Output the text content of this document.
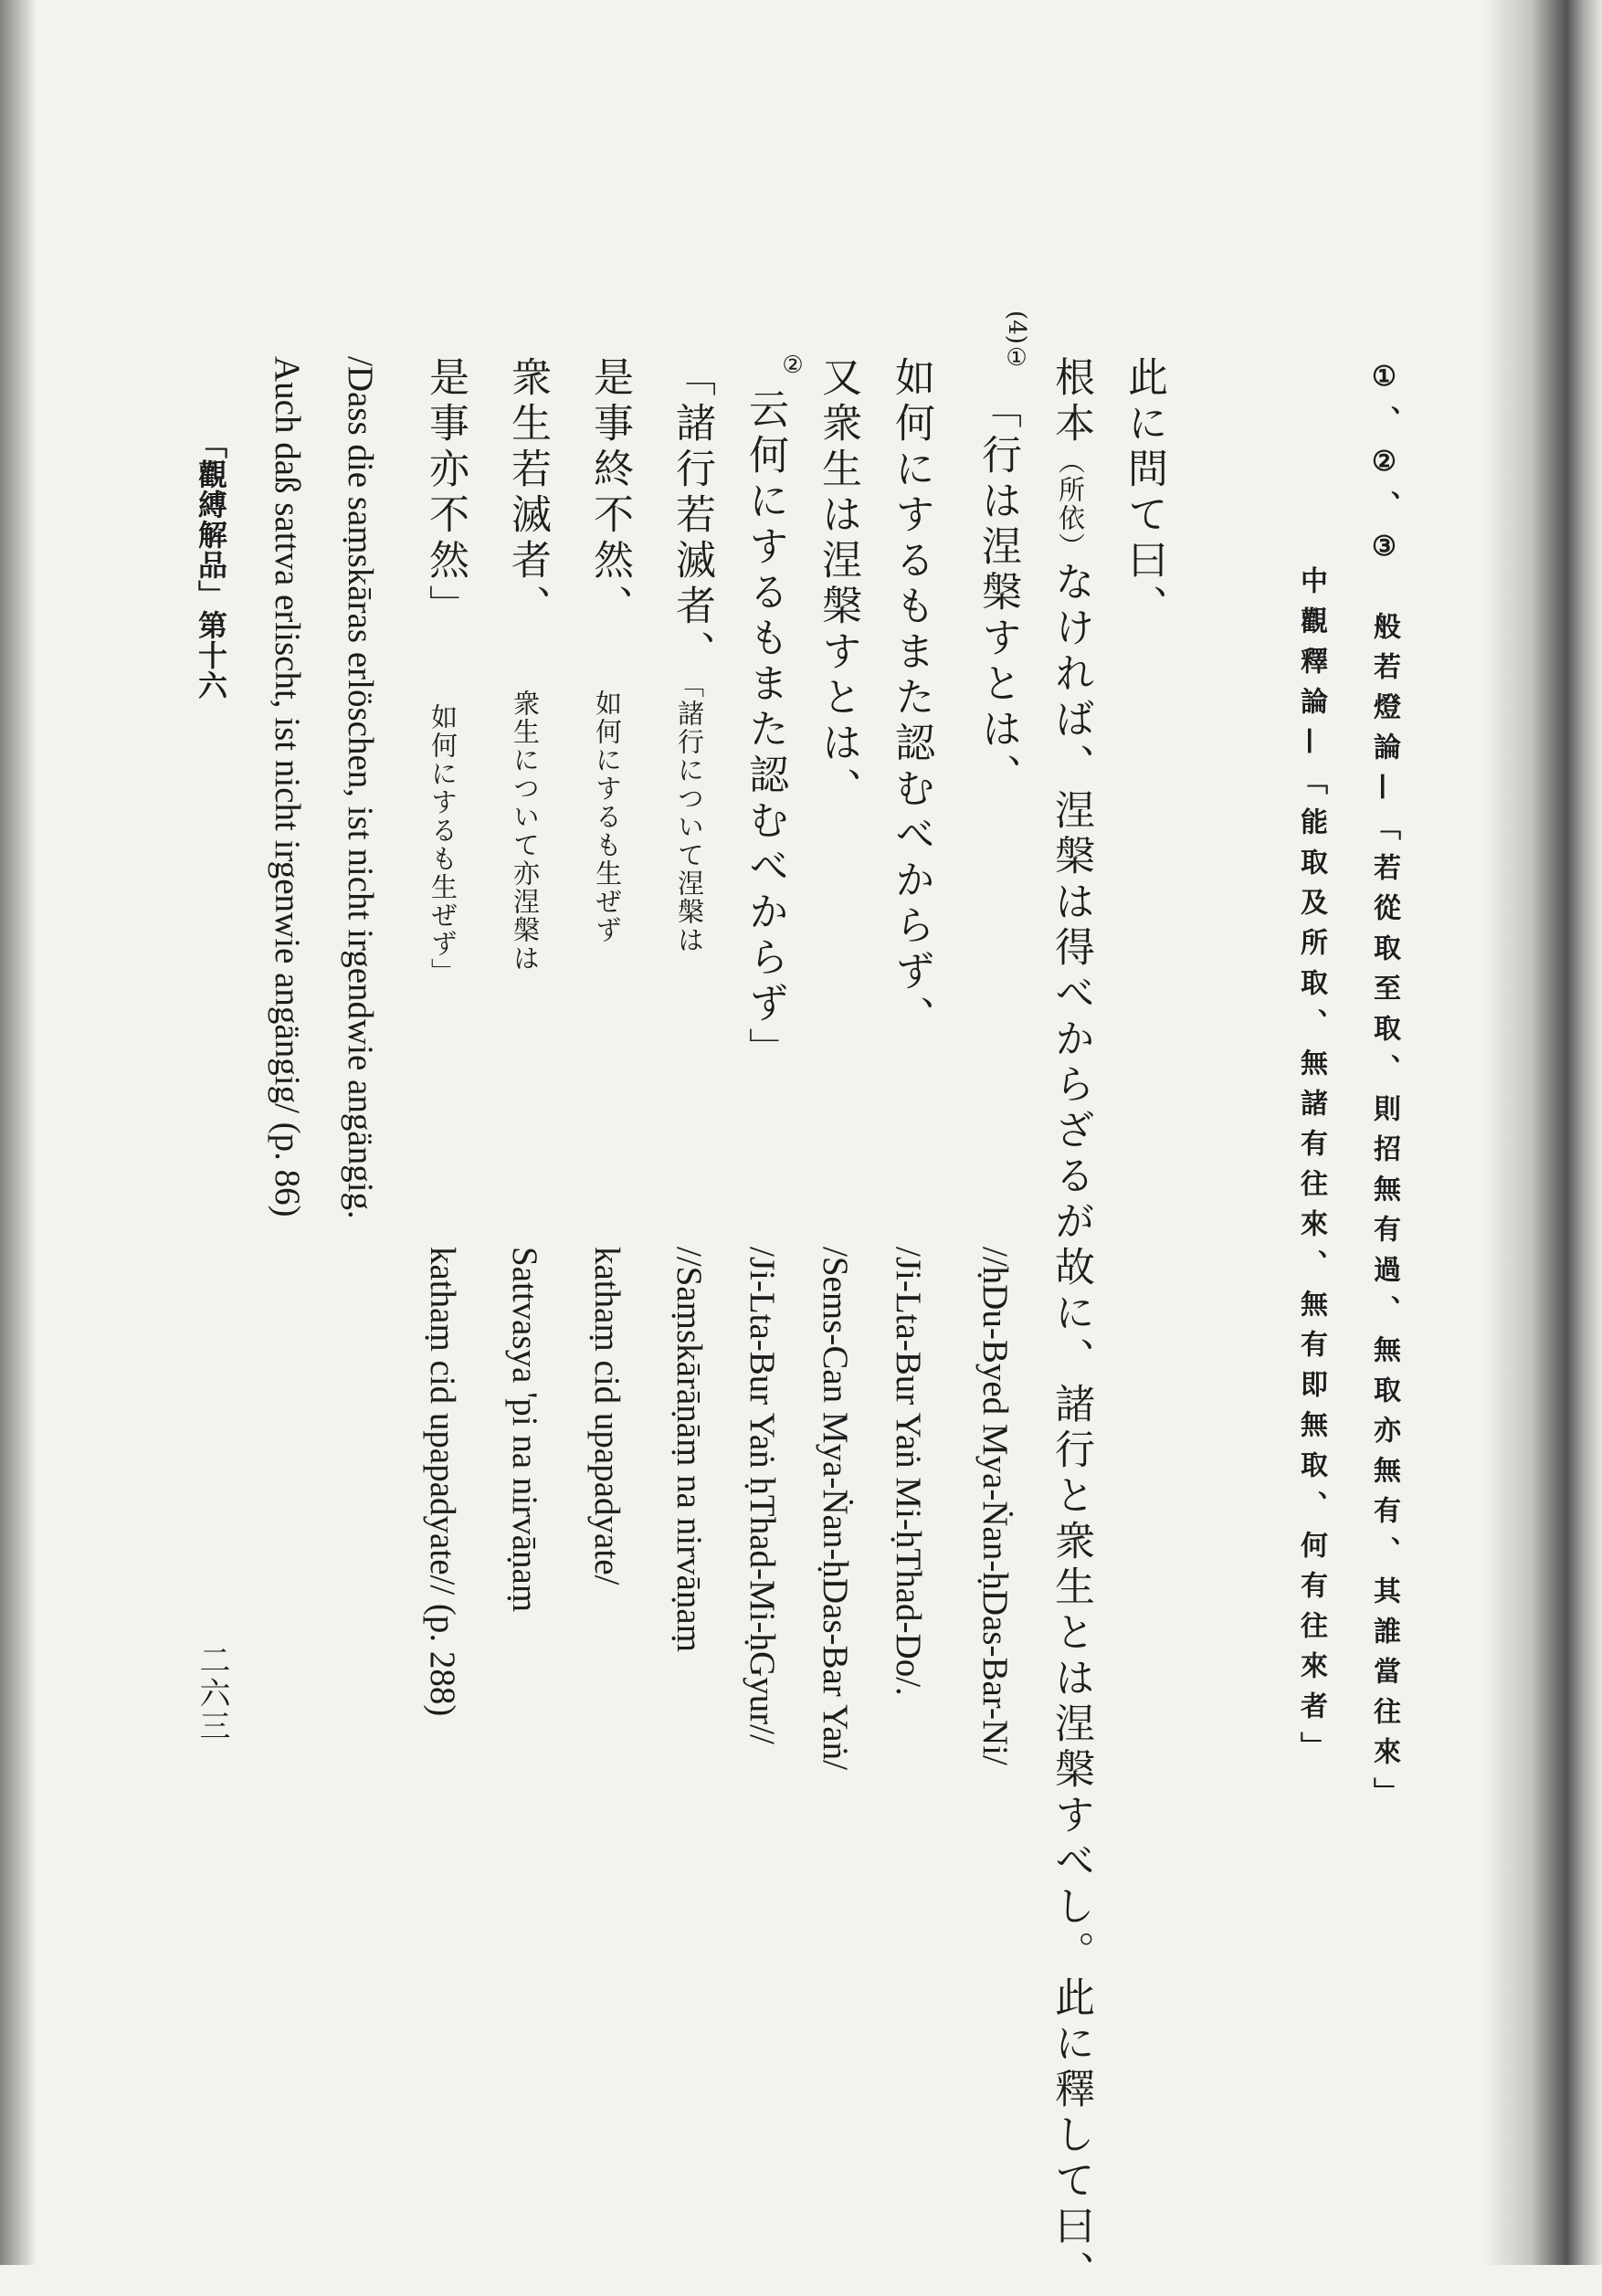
①、②、③般若燈論—「若從取至取、則招無有過、無取亦無有、其誰當往來」
中觀釋論—「能取及所取、無諸有往來、無有即無取、何有往來者」
此に問て曰、
根本（所依）なければ、涅槃は得べからざるが故に、諸行と衆生とは涅槃すべし。此に釋して曰、
(4)①
「行は涅槃すとは、
//ḥDu-Byed Mya-Ṅan-ḥDas-Bar-Ni/
如何にするもまた認むべからず、
/Ji-Lta-Bur Yaṅ Mi-ḥThad-Do/.
又衆生は涅槃すとは、
/Sems-Can Mya-Ṅan-ḥDas-Bar Yaṅ/
②
云何にするもまた認むべからず」
/Ji-Lta-Bur Yaṅ ḥThad-Mi-ḥGyur//
「諸行若滅者、
「諸行について涅槃は
//Saṃskārāṇāṃ na nirvāṇaṃ
是事終不然、
如何にするも生ぜず
kathaṃ cid upapadyate/
衆生若滅者、
衆生について亦涅槃は
Sattvasya 'pi na nirvāṇaṃ
是事亦不然」
如何にするも生ぜず」
kathaṃ cid upapadyate// (p. 288)
/Dass die saṃskāras erlöschen, ist nicht irgendwie angängig.
Auch daß sattva erlischt, ist nicht irgenwie angängig/ (p. 86)
「觀縛解品」第十六
二六三
